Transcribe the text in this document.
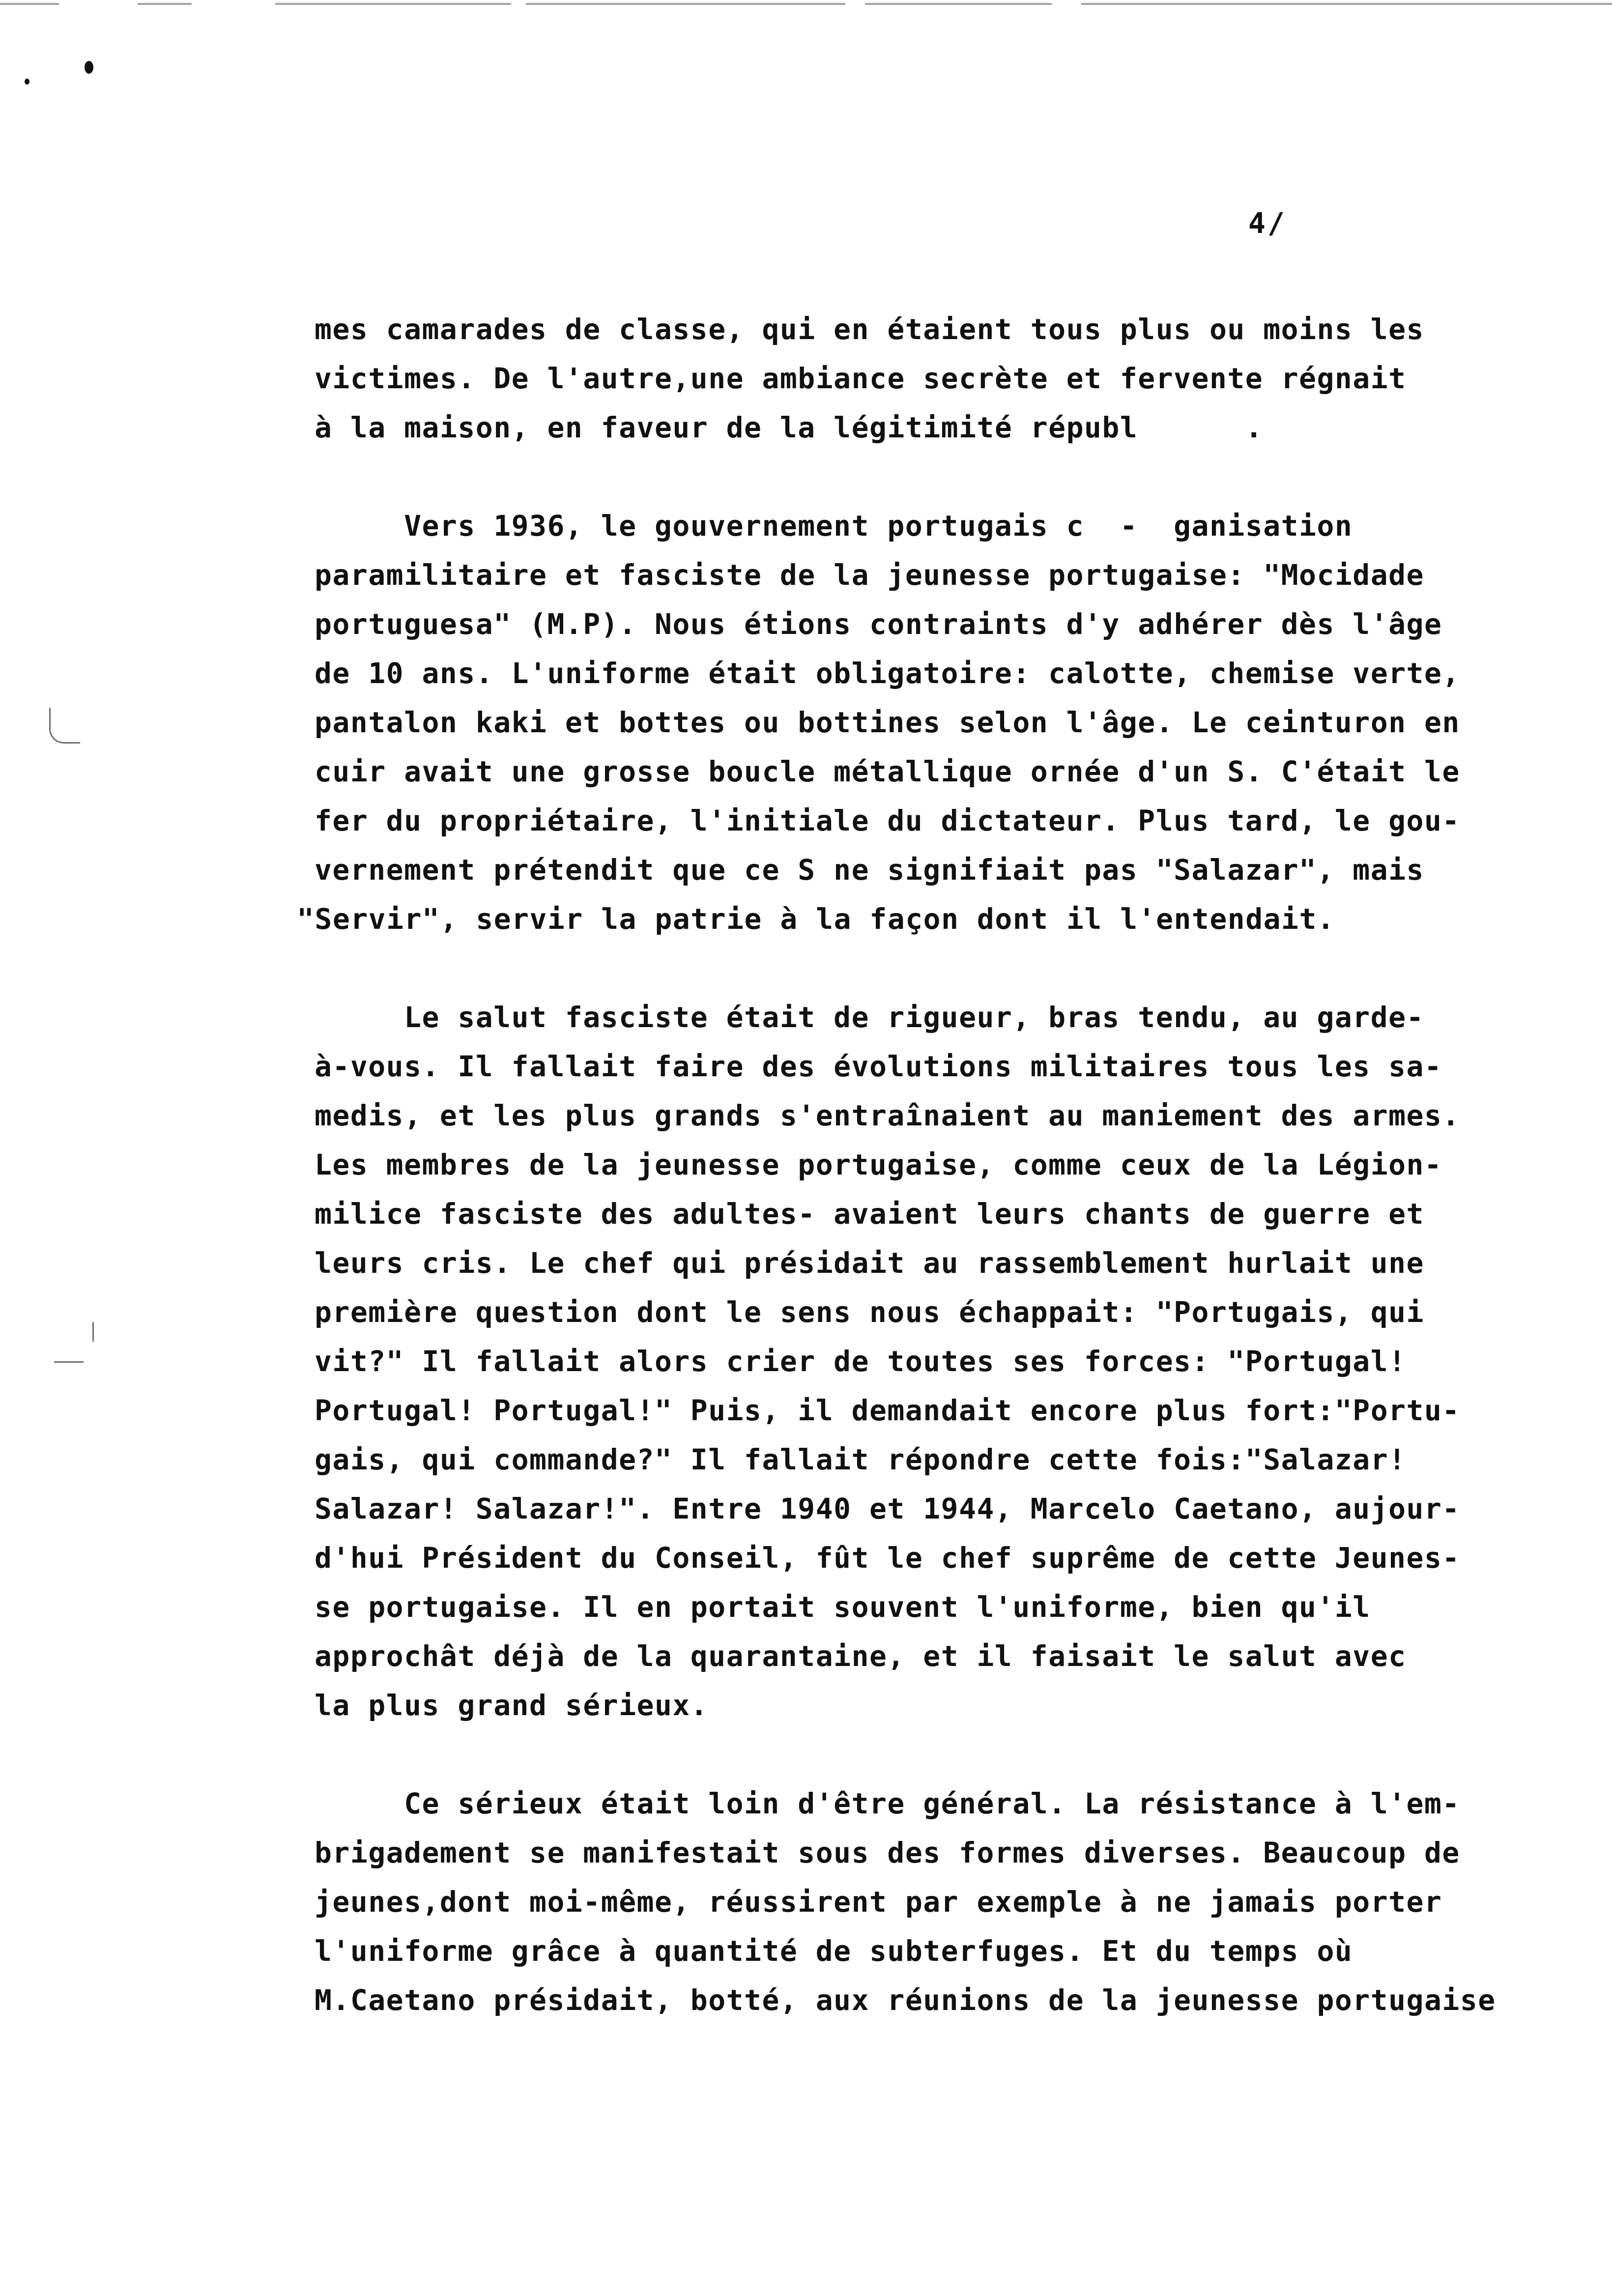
4/
mes camarades de classe, qui en étaient tous plus ou moins les
victimes. De l'autre,une ambiance secrète et fervente régnait
à la maison, en faveur de la légitimité républ      .
Vers 1936, le gouvernement portugais c  -  ganisation
paramilitaire et fasciste de la jeunesse portugaise: "Mocidade
portuguesa" (M.P). Nous étions contraints d'y adhérer dès l'âge
de 10 ans. L'uniforme était obligatoire: calotte, chemise verte,
pantalon kaki et bottes ou bottines selon l'âge. Le ceinturon en
cuir avait une grosse boucle métallique ornée d'un S. C'était le
fer du propriétaire, l'initiale du dictateur. Plus tard, le gou-
vernement prétendit que ce S ne signifiait pas "Salazar", mais
"Servir", servir la patrie à la façon dont il l'entendait.
Le salut fasciste était de rigueur, bras tendu, au garde-
à-vous. Il fallait faire des évolutions militaires tous les sa-
medis, et les plus grands s'entraînaient au maniement des armes.
Les membres de la jeunesse portugaise, comme ceux de la Légion-
milice fasciste des adultes- avaient leurs chants de guerre et
leurs cris. Le chef qui présidait au rassemblement hurlait une
première question dont le sens nous échappait: "Portugais, qui
vit?" Il fallait alors crier de toutes ses forces: "Portugal!
Portugal! Portugal!" Puis, il demandait encore plus fort:"Portu-
gais, qui commande?" Il fallait répondre cette fois:"Salazar!
Salazar! Salazar!". Entre 1940 et 1944, Marcelo Caetano, aujour-
d'hui Président du Conseil, fût le chef suprême de cette Jeunes-
se portugaise. Il en portait souvent l'uniforme, bien qu'il
approchât déjà de la quarantaine, et il faisait le salut avec
la plus grand sérieux.
Ce sérieux était loin d'être général. La résistance à l'em-
brigadement se manifestait sous des formes diverses. Beaucoup de
jeunes,dont moi-même, réussirent par exemple à ne jamais porter
l'uniforme grâce à quantité de subterfuges. Et du temps où
M.Caetano présidait, botté, aux réunions de la jeunesse portugaise
